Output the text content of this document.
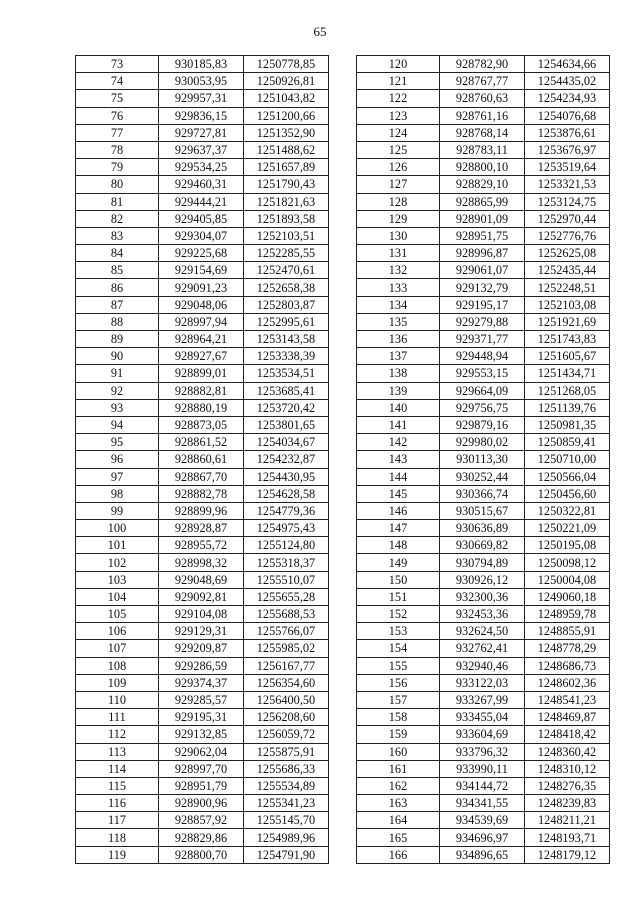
65
73	930185,83	1250778,85
74	930053,95	1250926,81
75	929957,31	1251043,82
76	929836,15	1251200,66
77	929727,81	1251352,90
78	929637,37	1251488,62
79	929534,25	1251657,89
80	929460,31	1251790,43
81	929444,21	1251821,63
82	929405,85	1251893,58
83	929304,07	1252103,51
84	929225,68	1252285,55
85	929154,69	1252470,61
86	929091,23	1252658,38
87	929048,06	1252803,87
88	928997,94	1252995,61
89	928964,21	1253143,58
90	928927,67	1253338,39
91	928899,01	1253534,51
92	928882,81	1253685,41
93	928880,19	1253720,42
94	928873,05	1253801,65
95	928861,52	1254034,67
96	928860,61	1254232,87
97	928867,70	1254430,95
98	928882,78	1254628,58
99	928899,96	1254779,36
100	928928,87	1254975,43
101	928955,72	1255124,80
102	928998,32	1255318,37
103	929048,69	1255510,07
104	929092,81	1255655,28
105	929104,08	1255688,53
106	929129,31	1255766,07
107	929209,87	1255985,02
108	929286,59	1256167,77
109	929374,37	1256354,60
110	929285,57	1256400,50
111	929195,31	1256208,60
112	929132,85	1256059,72
113	929062,04	1255875,91
114	928997,70	1255686,33
115	928951,79	1255534,89
116	928900,96	1255341,23
117	928857,92	1255145,70
118	928829,86	1254989,96
119	928800,70	1254791,90
120	928782,90	1254634,66
121	928767,77	1254435,02
122	928760,63	1254234,93
123	928761,16	1254076,68
124	928768,14	1253876,61
125	928783,11	1253676,97
126	928800,10	1253519,64
127	928829,10	1253321,53
128	928865,99	1253124,75
129	928901,09	1252970,44
130	928951,75	1252776,76
131	928996,87	1252625,08
132	929061,07	1252435,44
133	929132,79	1252248,51
134	929195,17	1252103,08
135	929279,88	1251921,69
136	929371,77	1251743,83
137	929448,94	1251605,67
138	929553,15	1251434,71
139	929664,09	1251268,05
140	929756,75	1251139,76
141	929879,16	1250981,35
142	929980,02	1250859,41
143	930113,30	1250710,00
144	930252,44	1250566,04
145	930366,74	1250456,60
146	930515,67	1250322,81
147	930636,89	1250221,09
148	930669,82	1250195,08
149	930794,89	1250098,12
150	930926,12	1250004,08
151	932300,36	1249060,18
152	932453,36	1248959,78
153	932624,50	1248855,91
154	932762,41	1248778,29
155	932940,46	1248686,73
156	933122,03	1248602,36
157	933267,99	1248541,23
158	933455,04	1248469,87
159	933604,69	1248418,42
160	933796,32	1248360,42
161	933990,11	1248310,12
162	934144,72	1248276,35
163	934341,55	1248239,83
164	934539,69	1248211,21
165	934696,97	1248193,71
166	934896,65	1248179,12
